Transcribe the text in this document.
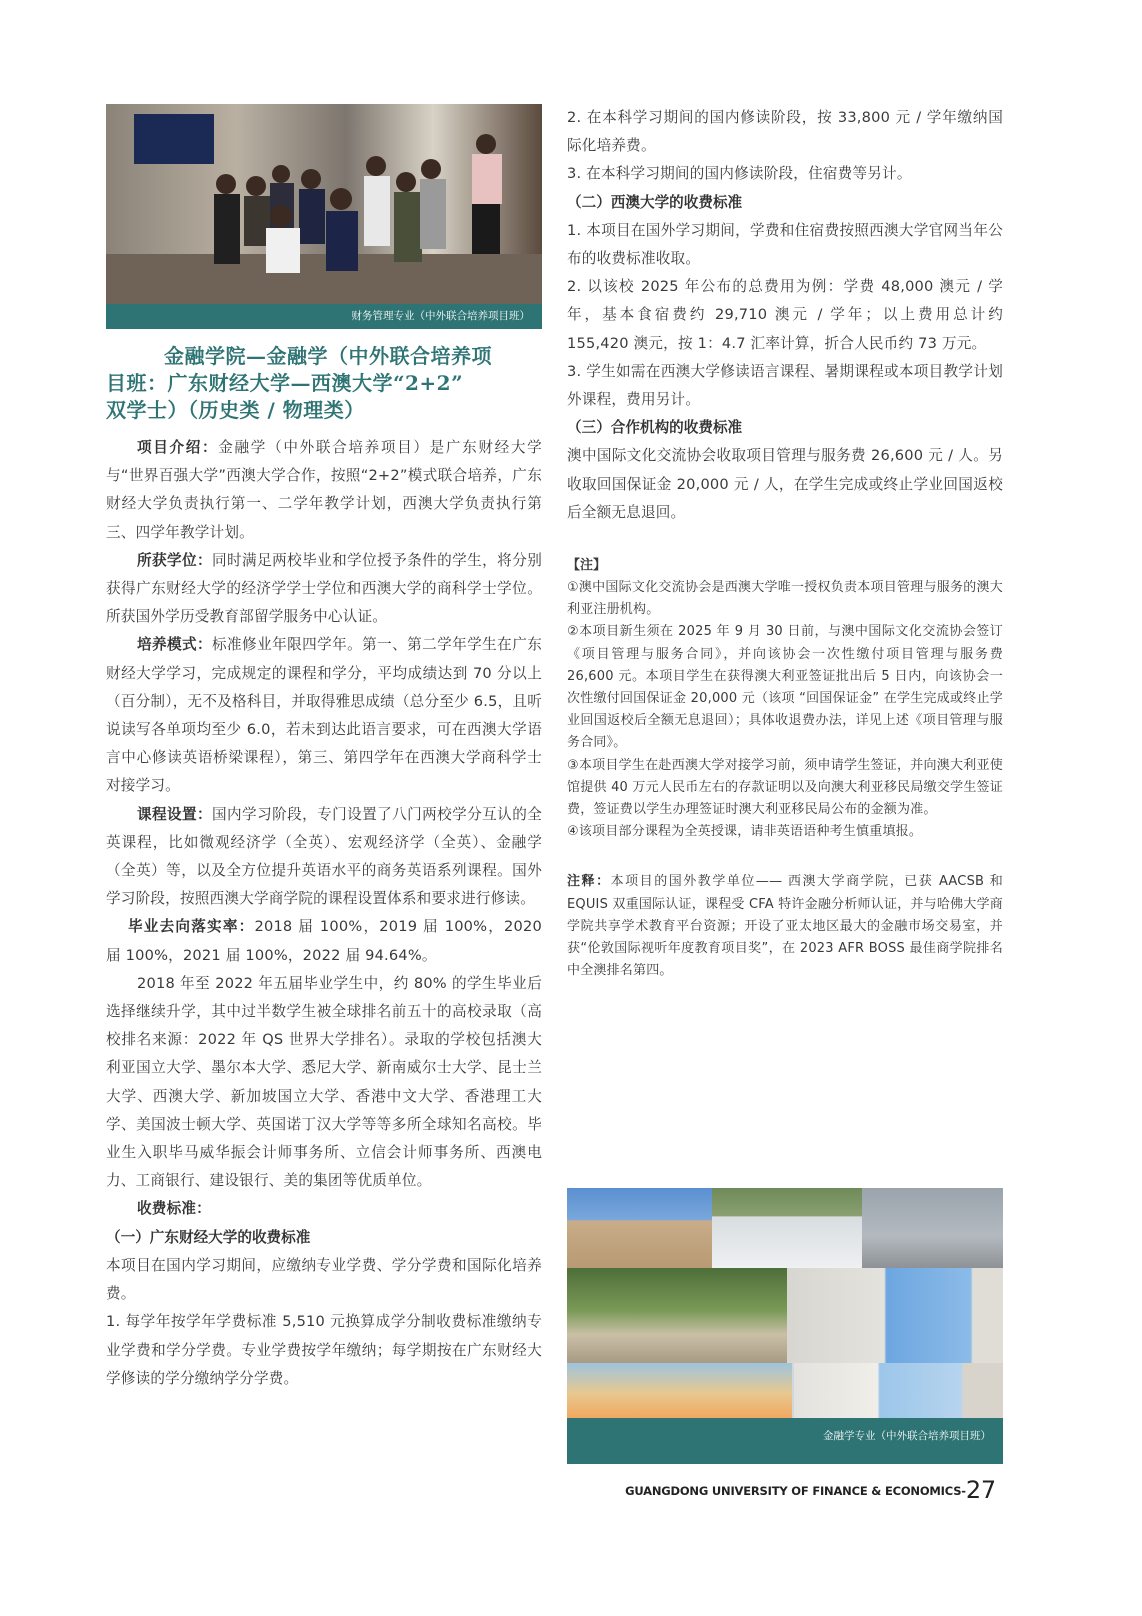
财务管理专业（中外联合培养项目班）
金融学院—金融学（中外联合培养项
目班：广东财经大学—西澳大学“2+2”
双学士）（历史类 / 物理类）

项目介绍：金融学（中外联合培养项目）是广东财经大学与“世界百强大学”西澳大学合作，按照“2+2”模式联合培养，广东财经大学负责执行第一、二学年教学计划，西澳大学负责执行第三、四学年教学计划。

所获学位：同时满足两校毕业和学位授予条件的学生，将分别获得广东财经大学的经济学学士学位和西澳大学的商科学士学位。所获国外学历受教育部留学服务中心认证。

培养模式：标准修业年限四学年。第一、第二学年学生在广东财经大学学习，完成规定的课程和学分，平均成绩达到 70 分以上（百分制），无不及格科目，并取得雅思成绩（总分至少 6.5，且听说读写各单项均至少 6.0，若未到达此语言要求，可在西澳大学语言中心修读英语桥梁课程），第三、第四学年在西澳大学商科学士对接学习。

课程设置：国内学习阶段，专门设置了八门两校学分互认的全英课程，比如微观经济学（全英）、宏观经济学（全英）、金融学（全英）等，以及全方位提升英语水平的商务英语系列课程。国外学习阶段，按照西澳大学商学院的课程设置体系和要求进行修读。

毕业去向落实率：2018 届 100%，2019 届 100%，2020 届 100%，2021 届 100%，2022 届 94.64%。

2018 年至 2022 年五届毕业学生中，约 80% 的学生毕业后选择继续升学，其中过半数学生被全球排名前五十的高校录取（高校排名来源：2022 年 QS 世界大学排名）。录取的学校包括澳大利亚国立大学、墨尔本大学、悉尼大学、新南威尔士大学、昆士兰大学、西澳大学、新加坡国立大学、香港中文大学、香港理工大学、美国波士顿大学、英国诺丁汉大学等等多所全球知名高校。毕业生入职毕马威华振会计师事务所、立信会计师事务所、西澳电力、工商银行、建设银行、美的集团等优质单位。

收费标准：

（一）广东财经大学的收费标准

本项目在国内学习期间，应缴纳专业学费、学分学费和国际化培养费。

1. 每学年按学年学费标准 5,510 元换算成学分制收费标准缴纳专业学费和学分学费。专业学费按学年缴纳；每学期按在广东财经大学修读的学分缴纳学分学费。

2. 在本科学习期间的国内修读阶段，按 33,800 元 / 学年缴纳国际化培养费。

3. 在本科学习期间的国内修读阶段，住宿费等另计。

（二）西澳大学的收费标准

1. 本项目在国外学习期间，学费和住宿费按照西澳大学官网当年公布的收费标准收取。

2. 以该校 2025 年公布的总费用为例：学费 48,000 澳元 / 学年，基本食宿费约 29,710 澳元 / 学年；以上费用总计约 155,420 澳元，按 1：4.7 汇率计算，折合人民币约 73 万元。

3. 学生如需在西澳大学修读语言课程、暑期课程或本项目教学计划外课程，费用另计。

（三）合作机构的收费标准

澳中国际文化交流协会收取项目管理与服务费 26,600 元 / 人。另收取回国保证金 20,000 元 / 人，在学生完成或终止学业回国返校后全额无息退回。

【注】

①澳中国际文化交流协会是西澳大学唯一授权负责本项目管理与服务的澳大利亚注册机构。

②本项目新生须在 2025 年 9 月 30 日前，与澳中国际文化交流协会签订《项目管理与服务合同》，并向该协会一次性缴付项目管理与服务费 26,600 元。本项目学生在获得澳大利亚签证批出后 5 日内，向该协会一次性缴付回国保证金 20,000 元（该项 “回国保证金” 在学生完成或终止学业回国返校后全额无息退回）；具体收退费办法，详见上述《项目管理与服务合同》。

③本项目学生在赴西澳大学对接学习前，须申请学生签证，并向澳大利亚使馆提供 40 万元人民币左右的存款证明以及向澳大利亚移民局缴交学生签证费，签证费以学生办理签证时澳大利亚移民局公布的金额为准。

④该项目部分课程为全英授课，请非英语语种考生慎重填报。

注释：本项目的国外教学单位—— 西澳大学商学院，已获 AACSB 和 EQUIS 双重国际认证，课程受 CFA 特许金融分析师认证，并与哈佛大学商学院共享学术教育平台资源；开设了亚太地区最大的金融市场交易室，并获“伦敦国际视听年度教育项目奖”，在 2023 AFR BOSS 最佳商学院排名中全澳排名第四。

金融学专业（中外联合培养项目班）
GUANGDONG UNIVERSITY OF FINANCE & ECONOMICS-27
